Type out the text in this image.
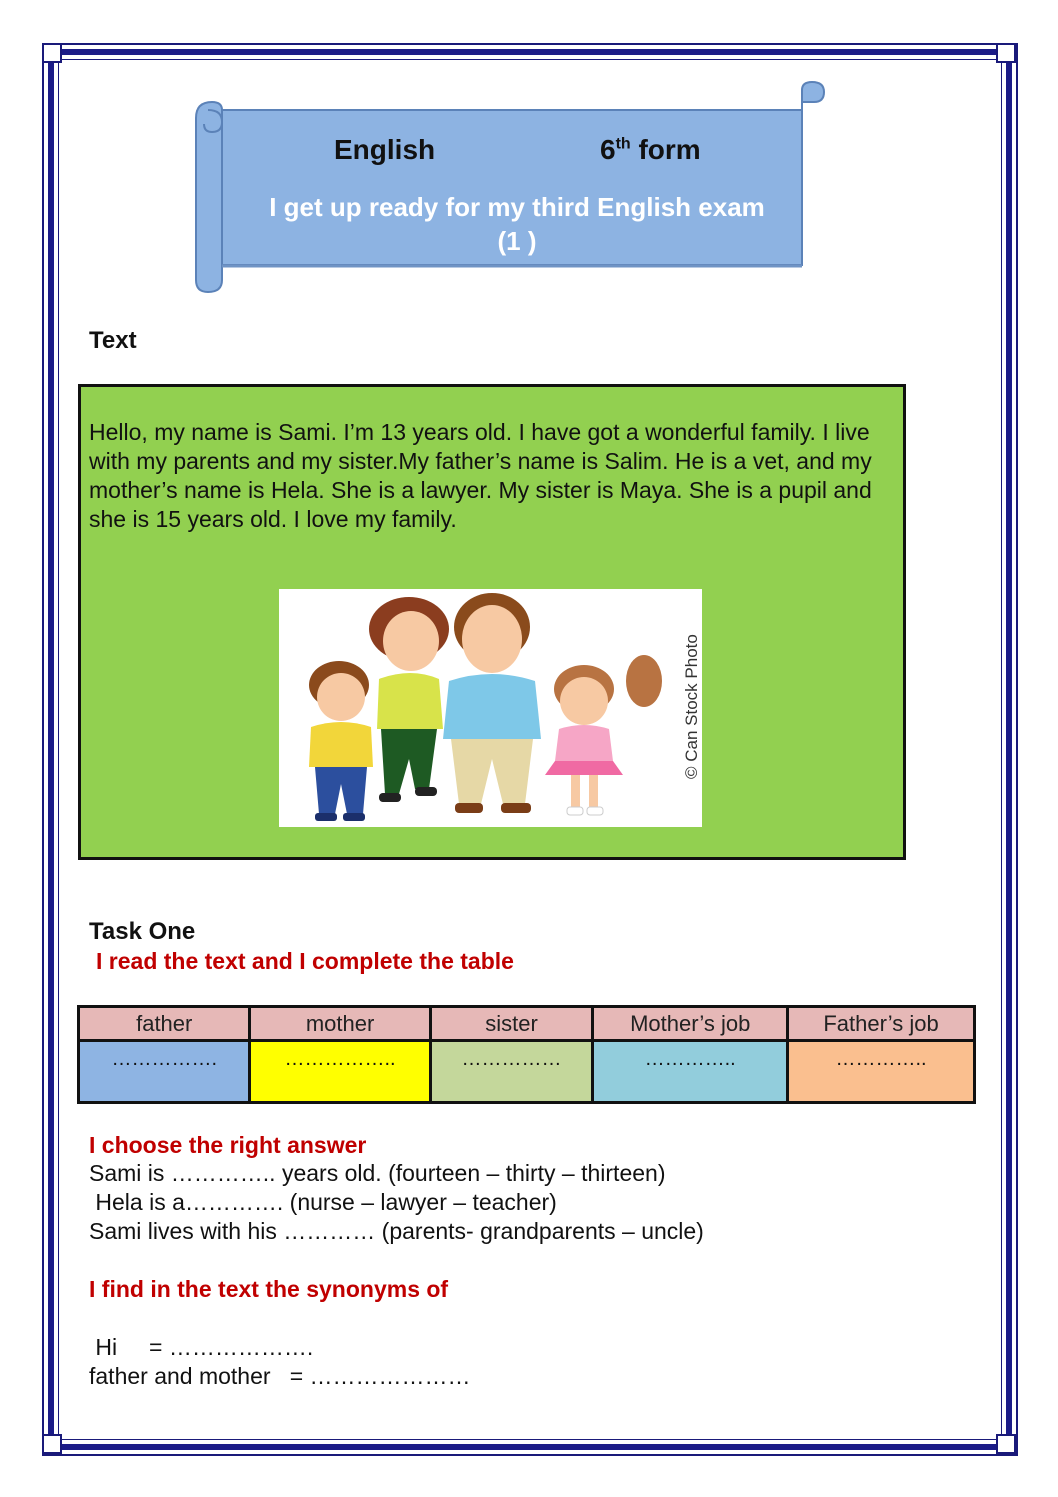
English	6th form
I get up ready for my third English exam
(1 )
Text
Hello, my name is Sami. I’m 13 years old. I have got a wonderful family. I live with my parents and my sister.My father’s name is Salim. He is a vet, and my mother’s name is Hela. She is a lawyer. My sister is Maya. She is a pupil and she is 15 years old. I love my family.
© Can Stock Photo
Task One
I read the text and I complete the table
father	mother	sister	Mother’s job	Father’s job
…………….	……………..	……………	…………..	…………..
I choose the right answer
Sami is ………….. years old. (fourteen – thirty – thirteen)
Hela is a…………. (nurse – lawyer – teacher)
Sami lives with his ………… (parents- grandparents – uncle)
I find in the text the synonyms of
Hi     = ……………….
father and mother   = …………………
